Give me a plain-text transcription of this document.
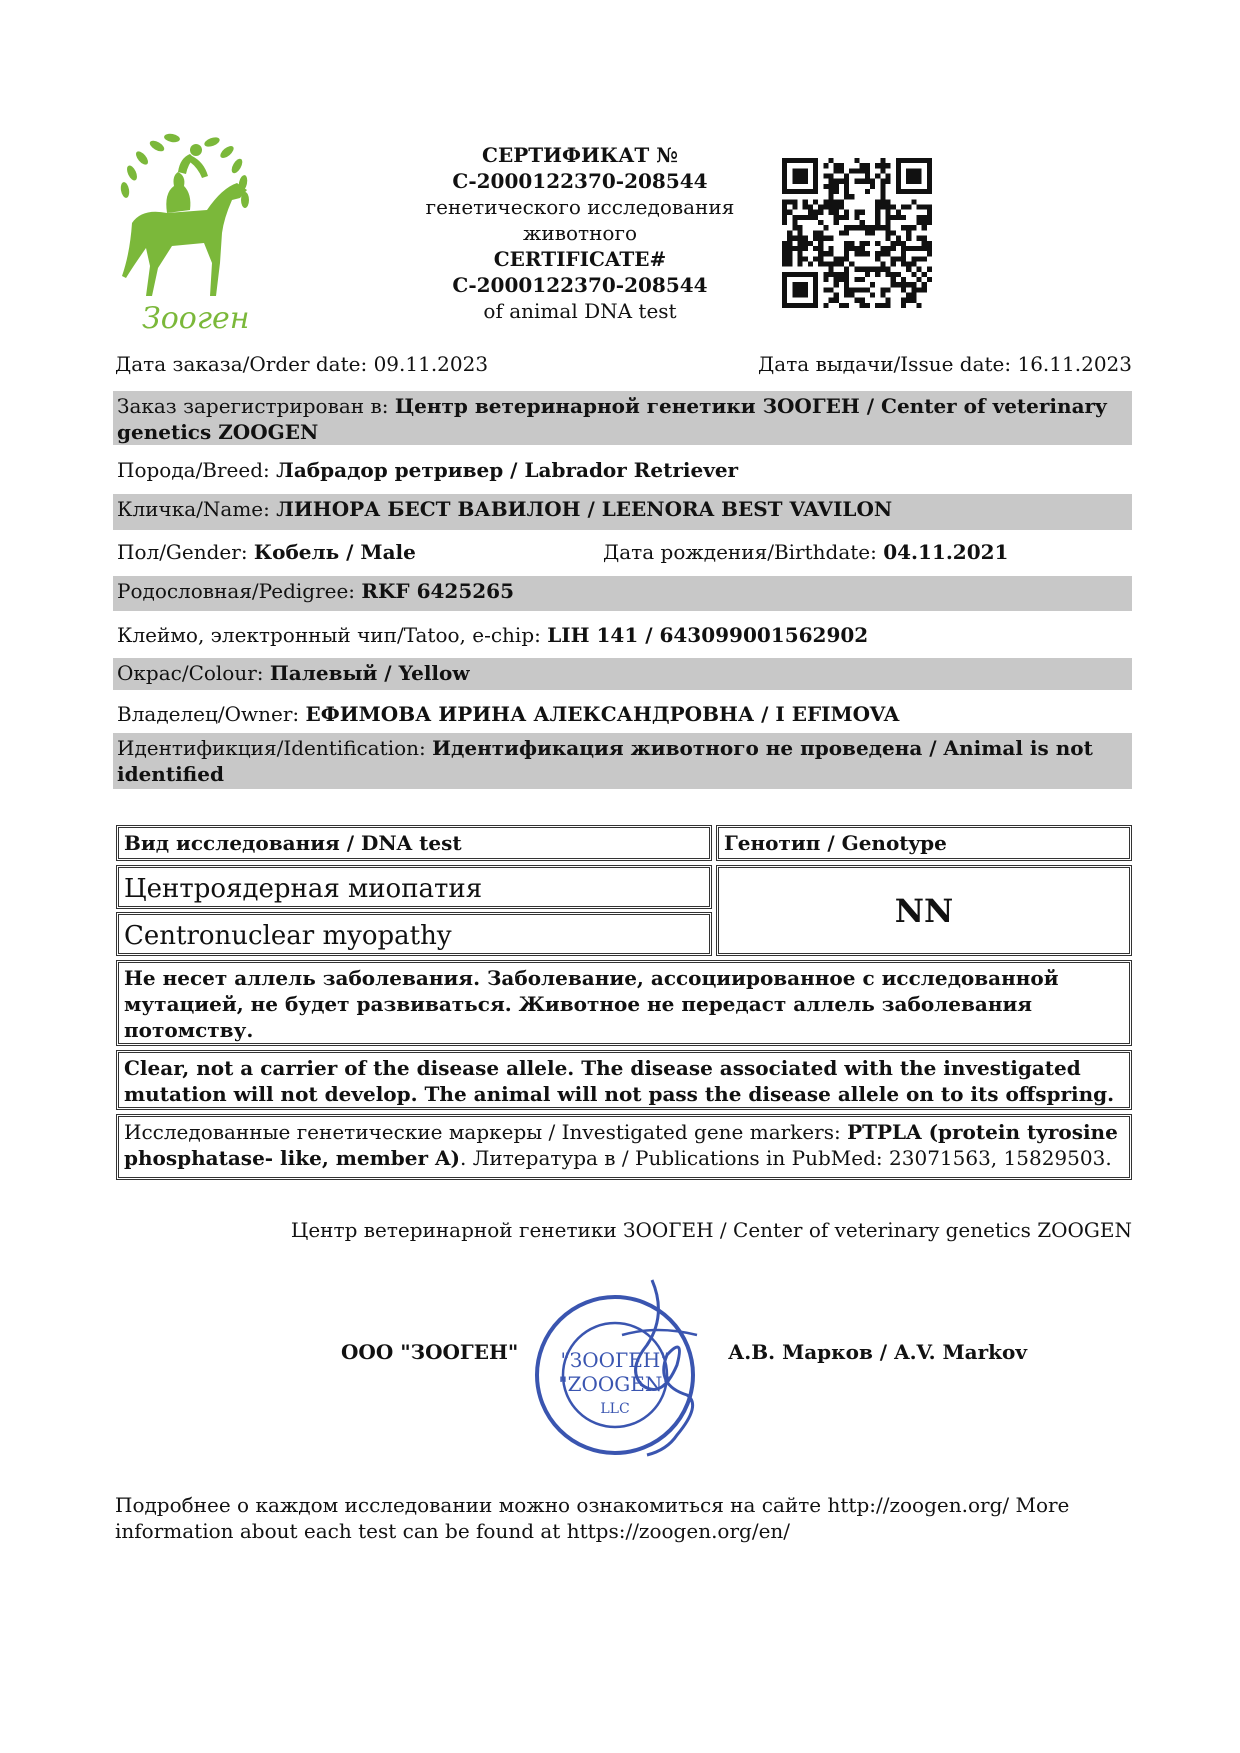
Зooген
СЕРТИФИКАТ №
С-2000122370-208544
генетического исследования
животного
CERTIFICATE#
С-2000122370-208544
of animal DNA test
Дата заказа/Order date: 09.11.2023	Дата выдачи/Issue date: 16.11.2023
Заказ зарегистрирован в: Центр ветеринарной генетики ЗООГЕН / Center of veterinary genetics ZOOGEN
Порода/Breed: Лабрадор ретривер / Labrador Retriever
Кличка/Name: ЛИНОРА БЕСТ ВАВИЛОН / LEENORA BEST VAVILON
Пол/Gender: Кобель / Male	Дата рождения/Birthdate: 04.11.2021
Родословная/Pedigree: RKF 6425265
Клеймо, электронный чип/Tatoo, e-chip: LIH 141 / 643099001562902
Окрас/Colour: Палевый / Yellow
Владелец/Owner: ЕФИМОВА ИРИНА АЛЕКСАНДРОВНА / I EFIMOVA
Идентификция/Identification: Идентификация животного не проведена / Animal is not identified
Вид исследования / DNA test	Генотип / Genotype
Центроядерная миопатия
Centronuclear myopathy
NN
Не несет аллель заболевания. Заболевание, ассоциированное с исследованной мутацией, не будет развиваться. Животное не передаст аллель заболевания потомству.
Clear, not a carrier of the disease allele. The disease associated with the investigated mutation will not develop. The animal will not pass the disease allele on to its offspring.
Исследованные генетические маркеры / Investigated gene markers: PTPLA (protein tyrosine phosphatase- like, member A). Литература в / Publications in PubMed: 23071563, 15829503.
Центр ветеринарной генетики ЗООГЕН / Center of veterinary genetics ZOOGEN
ООО "ЗООГЕН" "ЗООГЕН"
"ZOOGEN"
LLC
А.В. Марков / A.V. Markov
Подробнее о каждом исследовании можно ознакомиться на сайте http://zoogen.org/ More information about each test can be found at https://zoogen.org/en/
